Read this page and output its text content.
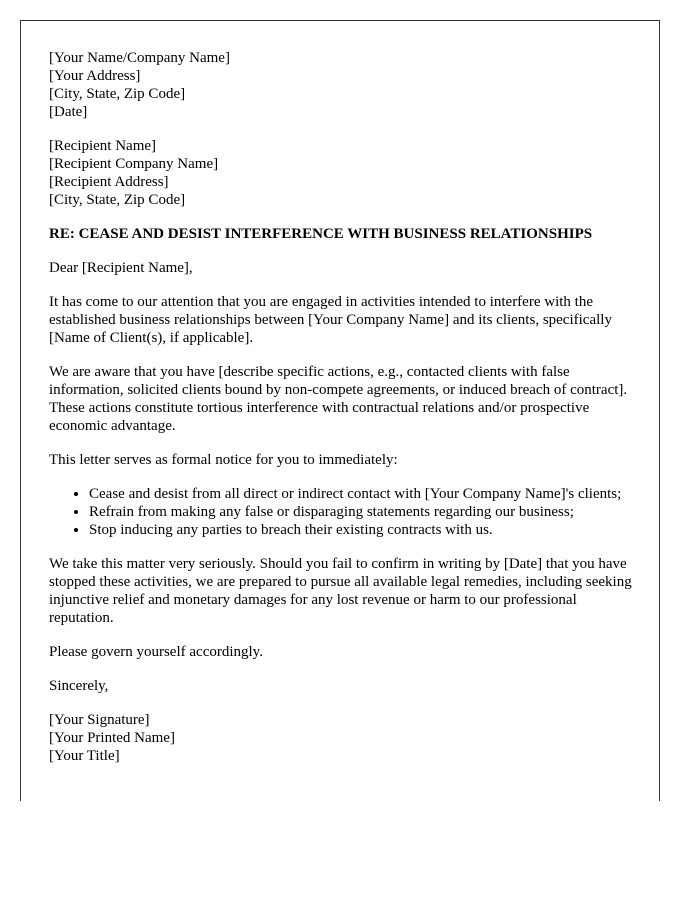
[Your Name/Company Name]
[Your Address]
[City, State, Zip Code]
[Date]
[Recipient Name]
[Recipient Company Name]
[Recipient Address]
[City, State, Zip Code]
RE: CEASE AND DESIST INTERFERENCE WITH BUSINESS RELATIONSHIPS
Dear [Recipient Name],
It has come to our attention that you are engaged in activities intended to interfere with the established business relationships between [Your Company Name] and its clients, specifically [Name of Client(s), if applicable].
We are aware that you have [describe specific actions, e.g., contacted clients with false information, solicited clients bound by non-compete agreements, or induced breach of contract]. These actions constitute tortious interference with contractual relations and/or prospective economic advantage.
This letter serves as formal notice for you to immediately:
• Cease and desist from all direct or indirect contact with [Your Company Name]'s clients;
• Refrain from making any false or disparaging statements regarding our business;
• Stop inducing any parties to breach their existing contracts with us.
We take this matter very seriously. Should you fail to confirm in writing by [Date] that you have stopped these activities, we are prepared to pursue all available legal remedies, including seeking injunctive relief and monetary damages for any lost revenue or harm to our professional reputation.
Please govern yourself accordingly.
Sincerely,
[Your Signature]
[Your Printed Name]
[Your Title]
